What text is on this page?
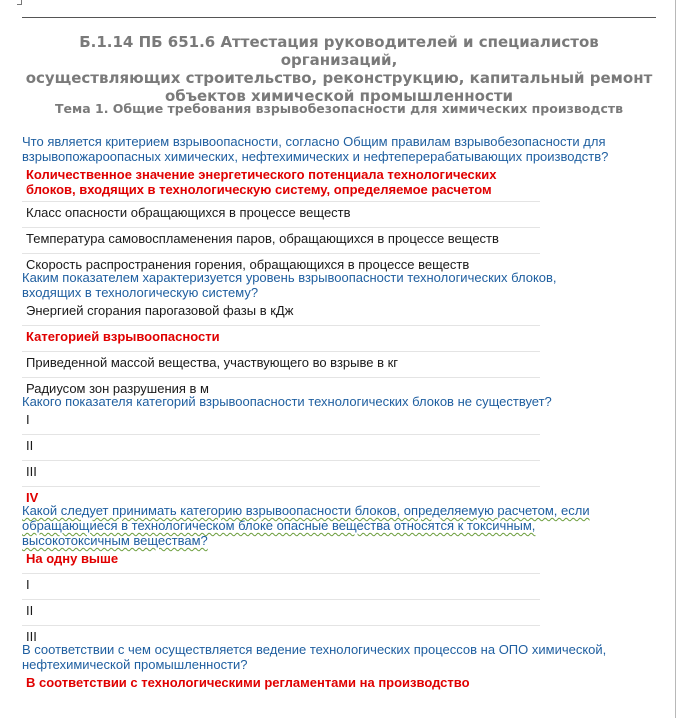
Б.1.14 ПБ 651.6 Аттестация руководителей и специалистов организаций,
осуществляющих строительство, реконструкцию, капитальный ремонт
объектов химической промышленности
Тема 1. Общие требования взрывобезопасности для химических производств

Что является критерием взрывоопасности, согласно Общим правилам взрывобезопасности для
взрывопожароопасных химических, нефтехимических и нефтеперерабатывающих производств?

Количественное значение энергетического потенциала технологических
блоков, входящих в технологическую систему, определяемое расчетом
Класс опасности обращающихся в процессе веществ
Температура самовоспламенения паров, обращающихся в процессе веществ
Скорость распространения горения, обращающихся в процессе веществ

Каким показателем характеризуется уровень взрывоопасности технологических блоков,
входящих в технологическую систему?

Энергией сгорания парогазовой фазы в кДж
Категорией взрывоопасности
Приведенной массой вещества, участвующего во взрыве в кг
Радиусом зон разрушения в м

Какого показателя категорий взрывоопасности технологических блоков не существует?

I
II
III
IV

Какой следует принимать категорию взрывоопасности блоков, определяемую расчетом, если
обращающиеся в технологическом блоке опасные вещества относятся к токсичным,
высокотоксичным веществам?

На одну выше
I
II
III

В соответствии с чем осуществляется ведение технологических процессов на ОПО химической,
нефтехимической промышленности?

В соответствии с технологическими регламентами на производство
